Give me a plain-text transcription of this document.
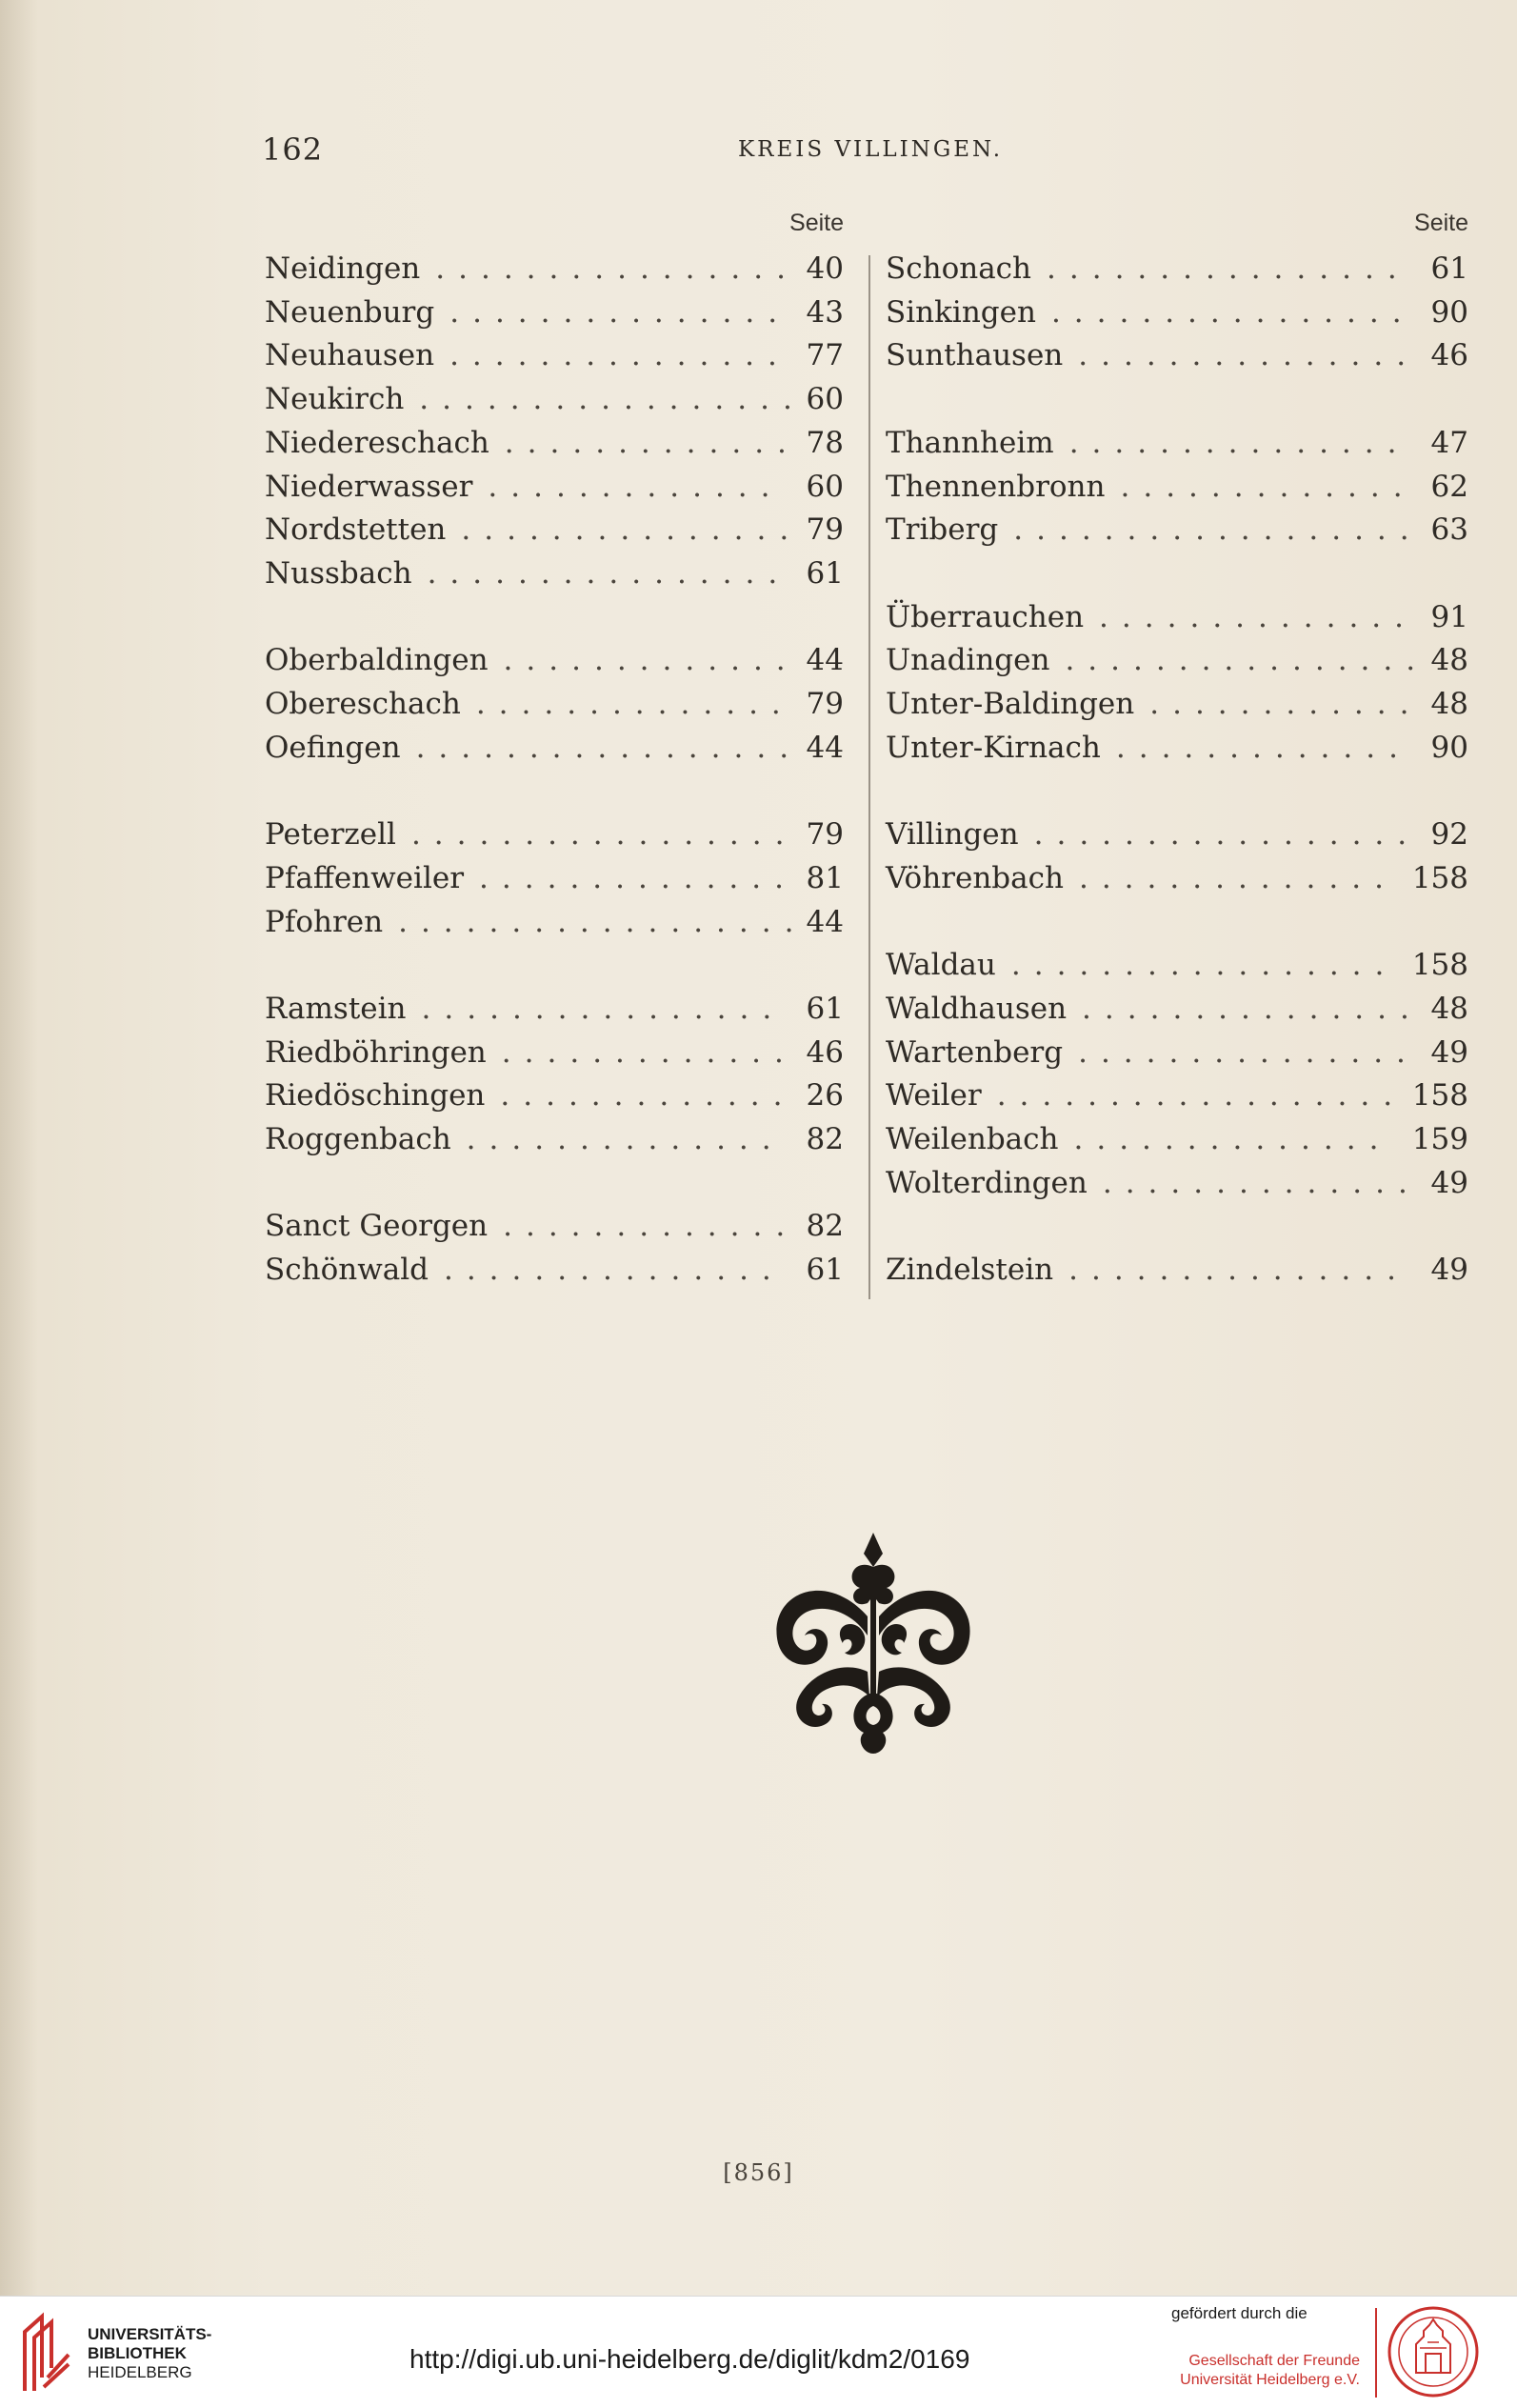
162	KREIS VILLINGEN.
Seite
Neidingen ................ 40
Neuenburg ............... 43
Neuhausen ............... 77
Neukirch ................. 60
Niedereschach ............. 78
Niederwasser ............. 60
Nordstetten ............... 79
Nussbach ................ 61
Oberbaldingen ............. 44
Obereschach .............. 79
Oefingen ................. 44
Peterzell ................. 79
Pfaffenweiler .............. 81
Pfohren .................. 44
Ramstein ................ 61
Riedböhringen ............. 46
Riedöschingen ............. 26
Roggenbach .............. 82
Sanct Georgen ............. 82
Schönwald ............... 61
Seite
Schonach ................ 61
Sinkingen ................ 90
Sunthausen ............... 46
Thannheim ............... 47
Thennenbronn ............. 62
Triberg .................. 63
Überrauchen .............. 91
Unadingen ................ 48
Unter-Baldingen ............ 48
Unter-Kirnach ............. 90
Villingen ................. 92
Vöhrenbach .............. 158
Waldau ................. 158
Waldhausen ............... 48
Wartenberg ............... 49
Weiler .................. 158
Weilenbach .............. 159
Wolterdingen .............. 49
Zindelstein ............... 49
[856]
UNIVERSITÄTS-
BIBLIOTHEK
HEIDELBERG	http://digi.ub.uni-heidelberg.de/diglit/kdm2/0169
gefördert durch die
Gesellschaft der Freunde
Universität Heidelberg e.V.
